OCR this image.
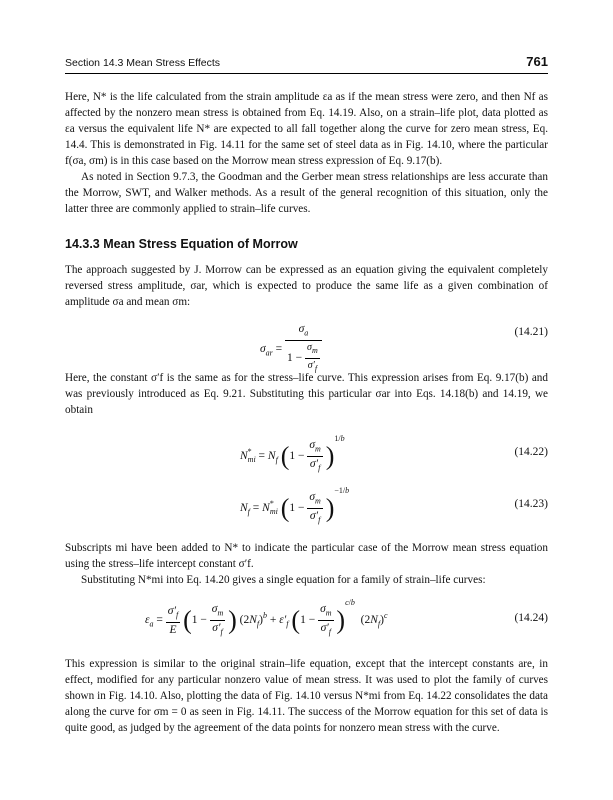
Section 14.3 Mean Stress Effects	761

Here, N* is the life calculated from the strain amplitude εa as if the mean stress were zero, and then Nf as affected by the nonzero mean stress is obtained from Eq. 14.19. Also, on a strain–life plot, data plotted as εa versus the equivalent life N* are expected to all fall together along the curve for zero mean stress, Eq. 14.4. This is demonstrated in Fig. 14.11 for the same set of steel data as in Fig. 14.10, where the particular f(σa, σm) is in this case based on the Morrow mean stress expression of Eq. 9.17(b).

As noted in Section 9.7.3, the Goodman and the Gerber mean stress relationships are less accurate than the Morrow, SWT, and Walker methods. As a result of the general recognition of this situation, only the latter three are commonly applied to strain–life curves.

14.3.3 Mean Stress Equation of Morrow

The approach suggested by J. Morrow can be expressed as an equation giving the equivalent completely reversed stress amplitude, σar, which is expected to produce the same life as a given combination of amplitude σa and mean σm:

$\sigma_{ar} = \frac{\sigma_a}{1 - \frac{\sigma_m}{\sigma'_f}}$	(14.21)

Here, the constant σ′f is the same as for the stress–life curve. This expression arises from Eq. 9.17(b) and was previously introduced as Eq. 9.21. Substituting this particular σar into Eqs. 14.18(b) and 14.19, we obtain

$N^*_{mi} = N_f$ $(1 - \frac{\sigma_m}{\sigma'_f} )^{1/b}$
(14.22)
$N_f = N^*_{mi}$ $(1 - \frac{\sigma_m}{\sigma'_f} )^{-1/b}$
(14.23)

Subscripts mi have been added to N* to indicate the particular case of the Morrow mean stress equation using the stress–life intercept constant σ′f.

Substituting N*mi into Eq. 14.20 gives a single equation for a family of strain–life curves:

$\varepsilon_a = \frac{\sigma'_f}{E} (1 - \frac{\sigma_m}{\sigma'_f}$ ) $(2N_f)^b + \varepsilon'_f$ $(1 - \frac{\sigma_m}{\sigma'_f} )^{c/b}$  $(2N_f)^c$	(14.24)

This expression is similar to the original strain–life equation, except that the intercept constants are, in effect, modified for any particular nonzero value of mean stress. It was used to plot the family of curves shown in Fig. 14.10. Also, plotting the data of Fig. 14.10 versus N*mi from Eq. 14.22 consolidates the data along the curve for σm = 0 as seen in Fig. 14.11. The success of the Morrow equation for this set of data is quite good, as judged by the agreement of the data points for nonzero mean stress with the curve.
